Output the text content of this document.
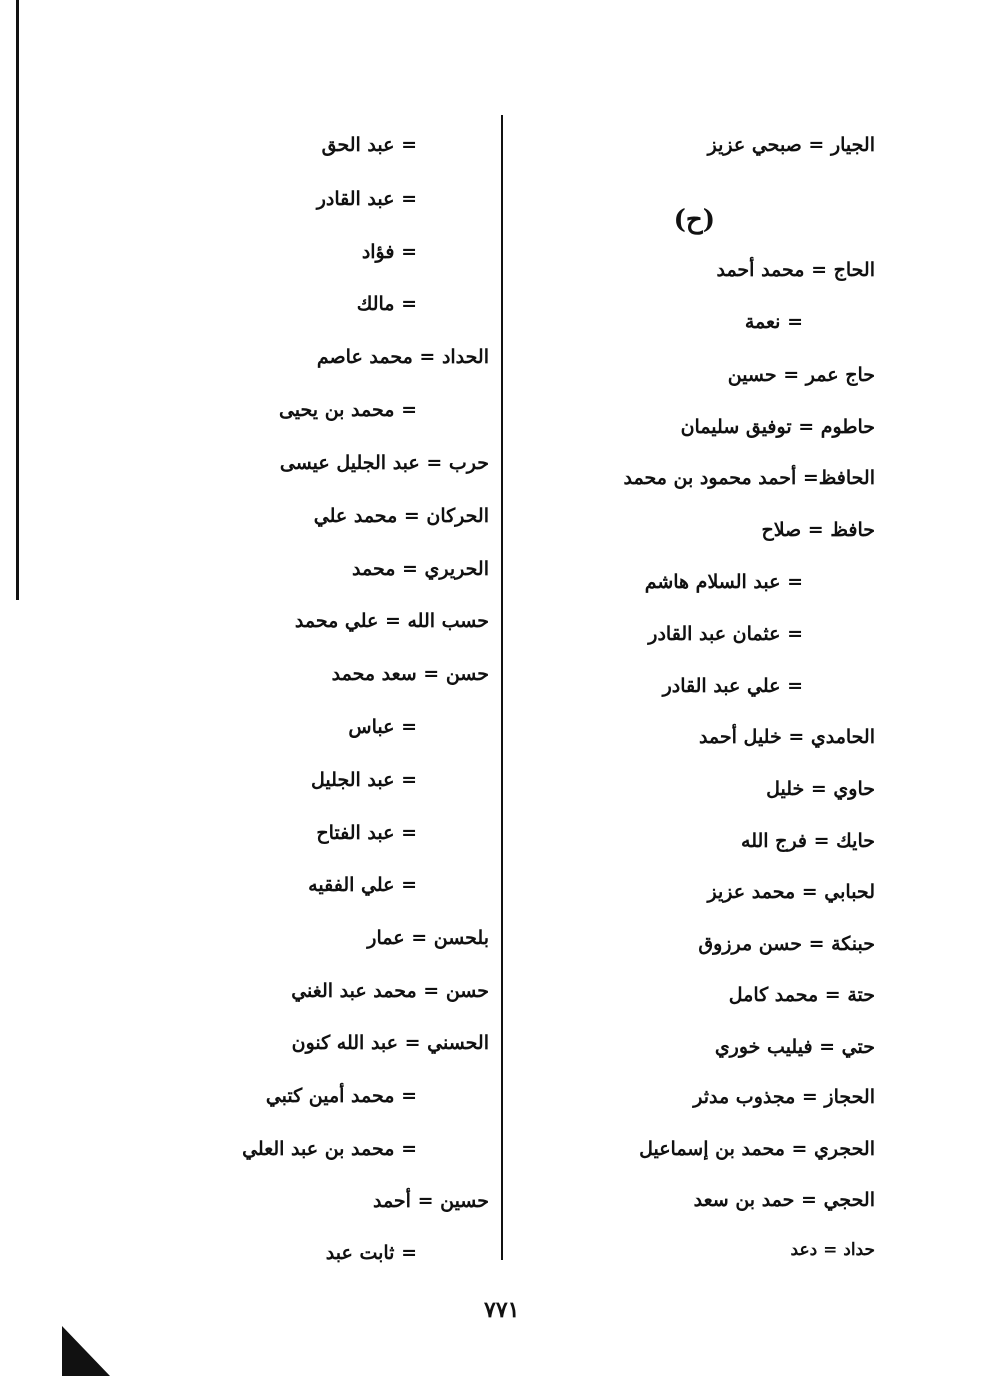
الجيار = صبحي عزيز
(ح)
الحاج = محمد أحمد
= نعمة
حاج عمر = حسين
حاطوم = توفيق سليمان
الحافظ= أحمد محمود بن محمد
حافظ = صلاح
= عبد السلام هاشم
= عثمان عبد القادر
= علي عبد القادر
الحامدي = خليل أحمد
حاوي = خليل
حايك = فرج الله
لحبابي = محمد عزيز
حبنكة = حسن مرزوق
حتة = محمد كامل
حتي = فيليب خوري
الحجاز = مجذوب مدثر
الحجري = محمد بن إسماعيل
الحجي = حمد بن سعد
حداد = دعد
= عبد الحق
= عبد القادر
= فؤاد
= مالك
الحداد = محمد عاصم
= محمد بن يحيى
حرب = عبد الجليل عيسى
الحركان = محمد علي
الحريري = محمد
حسب الله = علي محمد
حسن = سعد محمد
= عباس
= عبد الجليل
= عبد الفتاح
= علي الفقيه
بلحسن = عمار
حسن = محمد عبد الغني
الحسني = عبد الله كنون
= محمد أمين كتبي
= محمد بن عبد العلي
حسين = أحمد
= ثابت عبد
٧٧١
